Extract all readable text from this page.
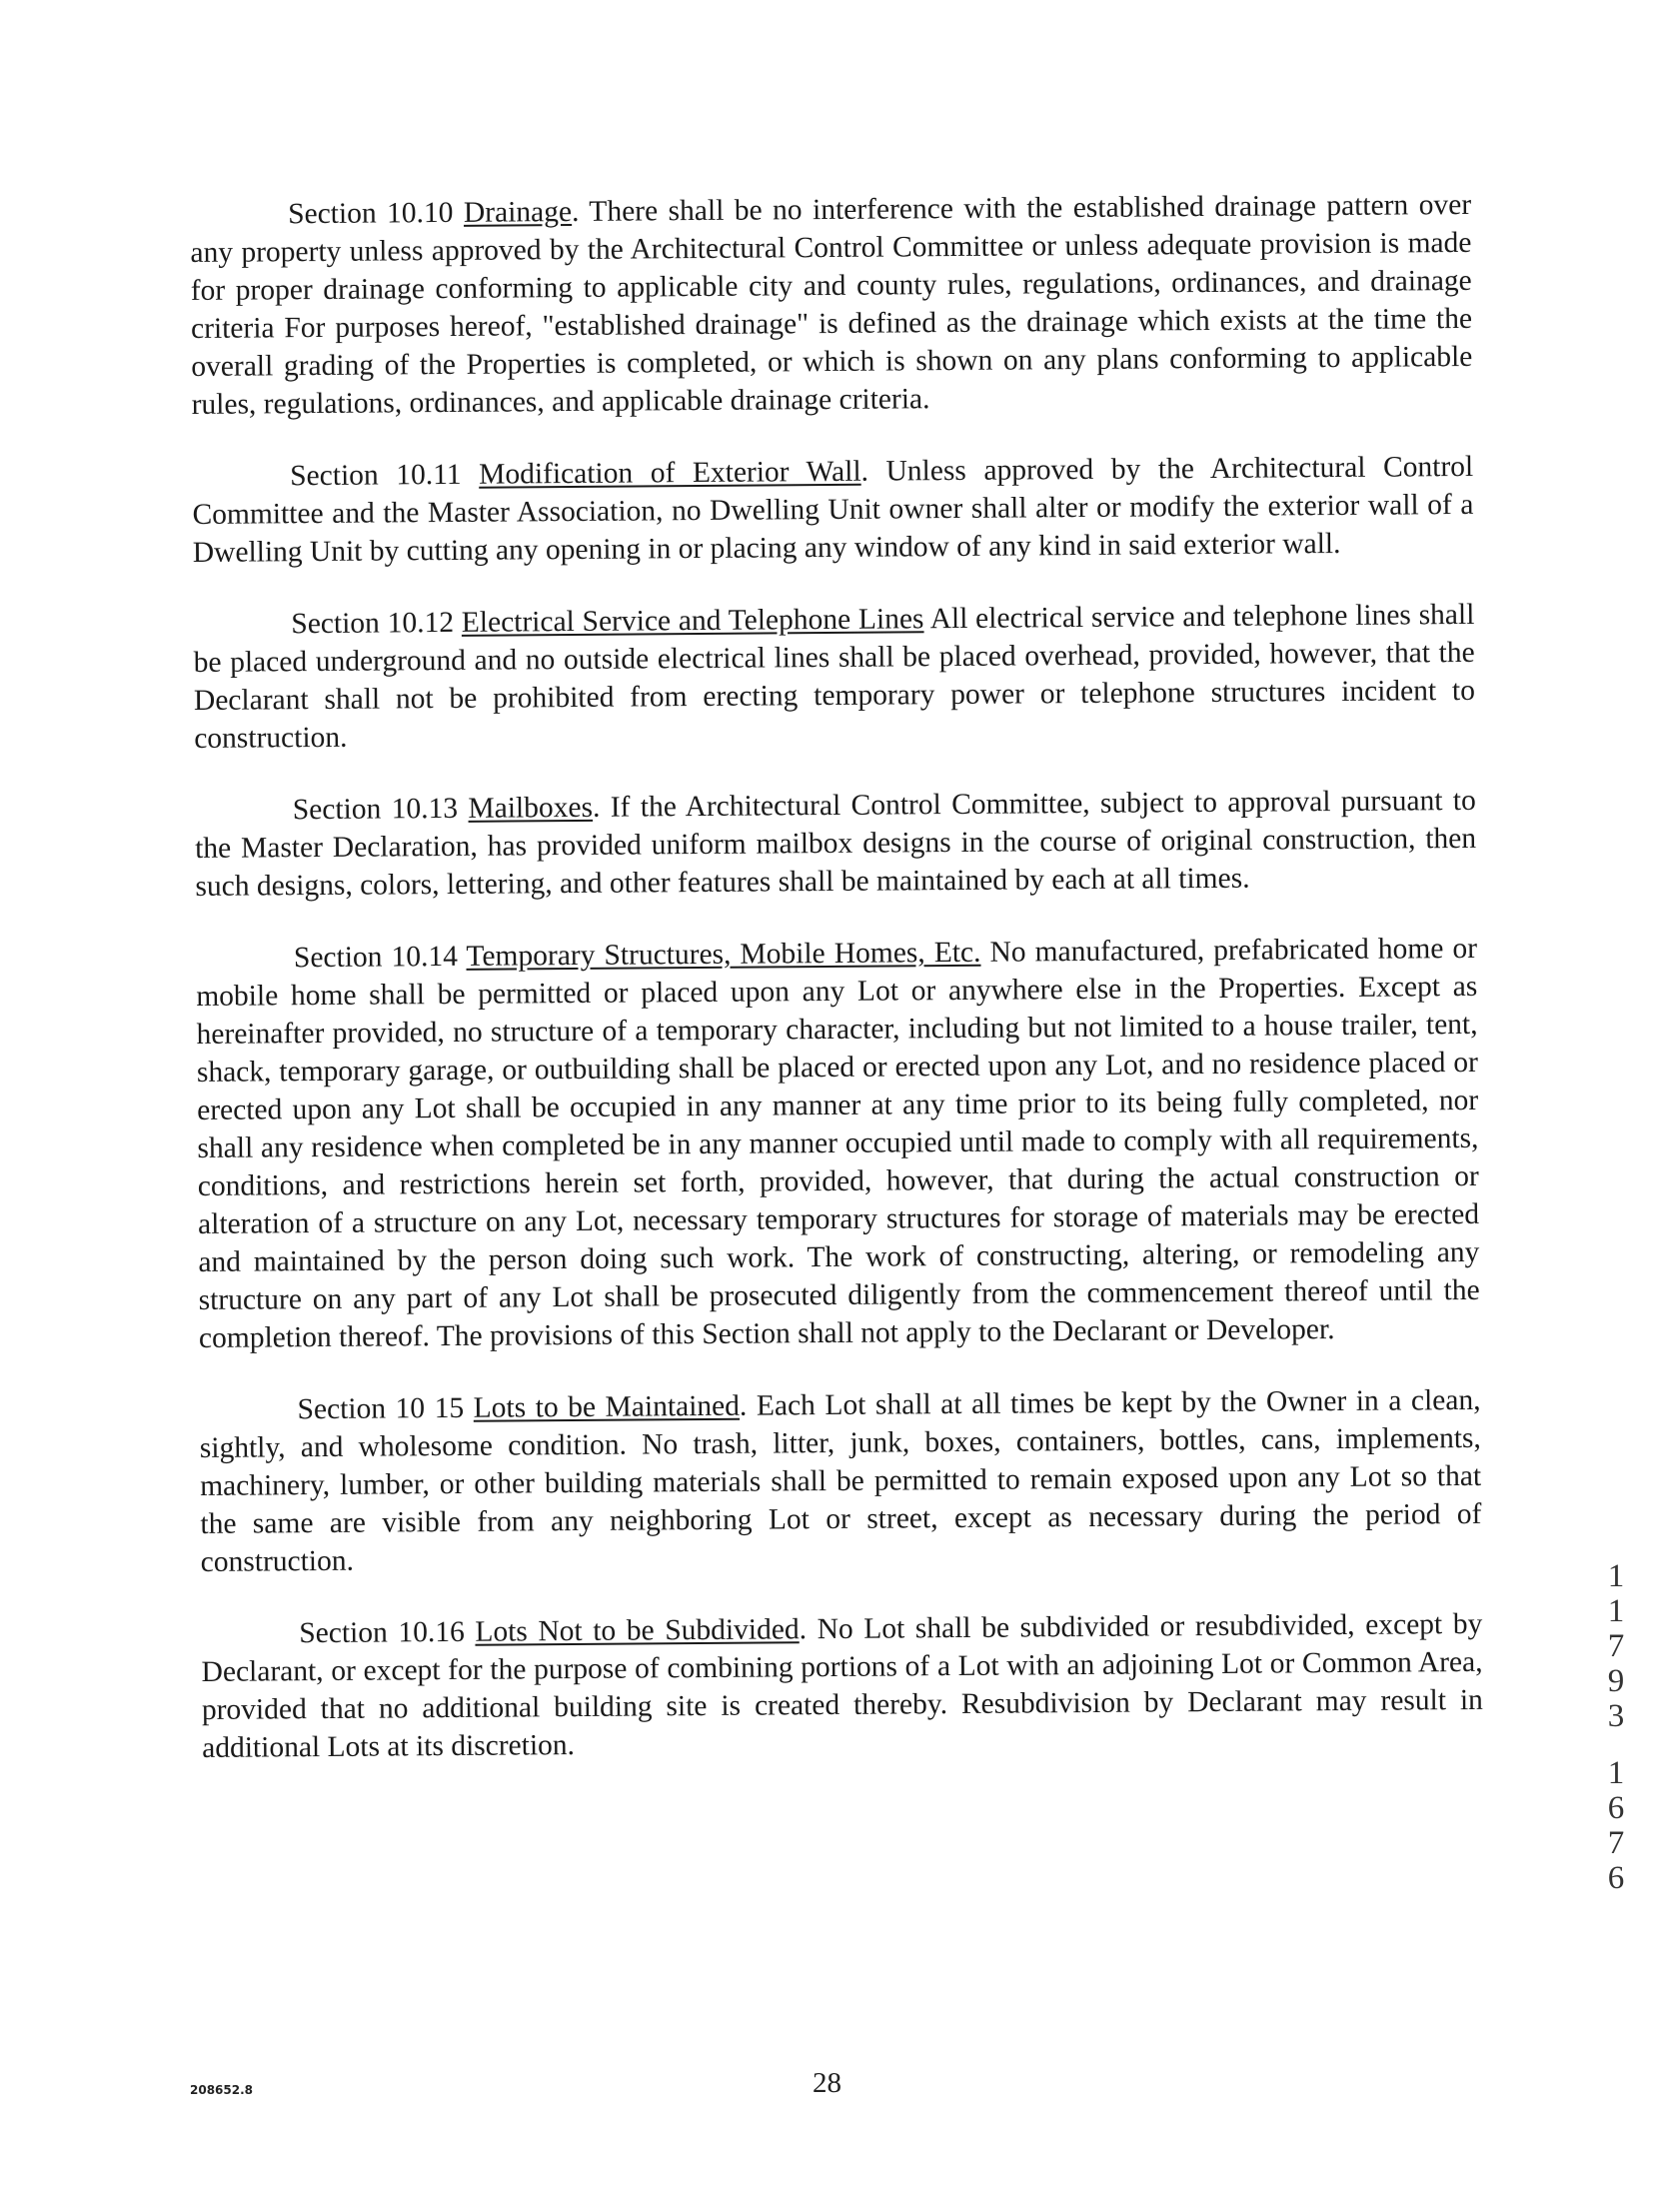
Section 10.10 Drainage. There shall be no interference with the established drainage pattern over any property unless approved by the Architectural Control Committee or unless adequate provision is made for proper drainage conforming to applicable city and county rules, regulations, ordinances, and drainage criteria For purposes hereof, "established drainage" is defined as the drainage which exists at the time the overall grading of the Properties is completed, or which is shown on any plans conforming to applicable rules, regulations, ordinances, and applicable drainage criteria.

Section 10.11 Modification of Exterior Wall. Unless approved by the Architectural Control Committee and the Master Association, no Dwelling Unit owner shall alter or modify the exterior wall of a Dwelling Unit by cutting any opening in or placing any window of any kind in said exterior wall.

Section 10.12 Electrical Service and Telephone Lines All electrical service and telephone lines shall be placed underground and no outside electrical lines shall be placed overhead, provided, however, that the Declarant shall not be prohibited from erecting temporary power or telephone structures incident to construction.

Section 10.13 Mailboxes. If the Architectural Control Committee, subject to approval pursuant to the Master Declaration, has provided uniform mailbox designs in the course of original construction, then such designs, colors, lettering, and other features shall be maintained by each at all times.

Section 10.14 Temporary Structures, Mobile Homes, Etc. No manufactured, prefabricated home or mobile home shall be permitted or placed upon any Lot or anywhere else in the Properties. Except as hereinafter provided, no structure of a temporary character, including but not limited to a house trailer, tent, shack, temporary garage, or outbuilding shall be placed or erected upon any Lot, and no residence placed or erected upon any Lot shall be occupied in any manner at any time prior to its being fully completed, nor shall any residence when completed be in any manner occupied until made to comply with all requirements, conditions, and restrictions herein set forth, provided, however, that during the actual construction or alteration of a structure on any Lot, necessary temporary structures for storage of materials may be erected and maintained by the person doing such work. The work of constructing, altering, or remodeling any structure on any part of any Lot shall be prosecuted diligently from the commencement thereof until the completion thereof. The provisions of this Section shall not apply to the Declarant or Developer.

Section 10 15 Lots to be Maintained. Each Lot shall at all times be kept by the Owner in a clean, sightly, and wholesome condition. No trash, litter, junk, boxes, containers, bottles, cans, implements, machinery, lumber, or other building materials shall be permitted to remain exposed upon any Lot so that the same are visible from any neighboring Lot or street, except as necessary during the period of construction.

Section 10.16 Lots Not to be Subdivided. No Lot shall be subdivided or resubdivided, except by Declarant, or except for the purpose of combining portions of a Lot with an adjoining Lot or Common Area, provided that no additional building site is created thereby. Resubdivision by Declarant may result in additional Lots at its discretion.

1
1
7
9
3
1
6
7
6
208652.8	28
